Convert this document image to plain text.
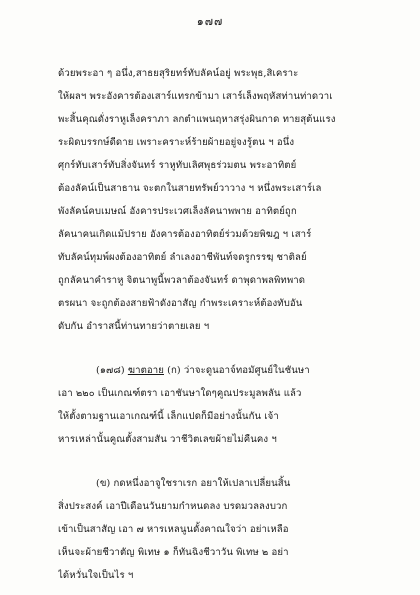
๑๗๗
ด้วยพระอา ๆ อนึ่ง,สาธยสุริยทร์ทับลัคน์อยู่ พระพุธ,สิเคราะ
ให้ผลฯ พระอังคารต้องเสาร์แทรกข้ามา เสาร์เล็งพฤหัสท่านท่าดวาเ
พะสิ้นคุณดั่งราหูเล็งคราภา ลกตำแพนฤหาสรุ่งผินกาด ทายสุต้นแรง
ระผิดบรรกษ์ดีดาย เพราะคราะห์ร้ายผ้ายอยู่จงรู้ตน ฯ อนึ่ง
ศุกร์ทับเสาร์ทับสิ่งจันทร์ ราหูทับเลิศพุธร่วมตน พระอาทิตย์
ต้องลัคน์เป็นสาธาน จะตกในสายทรัพย์วาวาง ฯ หนึ่งพระเสาร์เล
พังลัคน์คบเมษณ์ อังคารประเวศเล็งลัคนาพพาย อาทิตย์ถูก
ลัคนาคนเกิดแม้ปราย อังคารต้องอาทิตย์ร่วมด้วยพิฆฎ ฯ เสาร์
ทับลัคน์ทุมพ์ผงต้องอาทิตย์ ลำเลงอาชีพันท์จดรูกรรฆฺ ชาติลย์
ถูกลัคนาคำราหู จิตนาพูนี้พวลาต้องจันทร์ ดาพุดาพลพิทพาด
ตรผนา จะถูกต้องสายฟ้าดังอาสัญ กำพระเคราะห์ต้องทับอัน
ดับกัน อำราสนี้ท่านทายว่าตายเลย ฯ
(๑๗๘) ฆาตอาย (ก) ว่าจะดูนอาจ์ทอมัศูนย์ในชันษา
เอา ๒๒๐ เป็นเกณฑ์ตรา เอาชันษาใดๆคูณประมูลพลัน แล้ว
ให้ตั้งตามฐานเอาเกณฑ์นี้ เล็กแปดก็มีอย่างนั้นกัน เจ้า
หารเหล่านั้นคูณตั้งสามสัน วาชีวิตเลขผ้ายไม่คืนคง ฯ
(ข) กดหนึ่งอาจูใชราเรก อยาให้เปลาเปลี่ยนสิ้น
สิ่งประสงค์ เอาปีเดือนวันยามกำหนดลง บรดมวลลงบวก
เข้าเป็นสาสัญ เอา ๗ หารเหลนูนดั้งคาณใจว่า อย่าเหลือ
เห็นจะผ้ายชีวาตัญ พิเทษ ๑ ก็ทันฉิงชีวาวัน พิเทษ ๒ อย่า
ได้หวั่นใจเป็นไร ฯ
